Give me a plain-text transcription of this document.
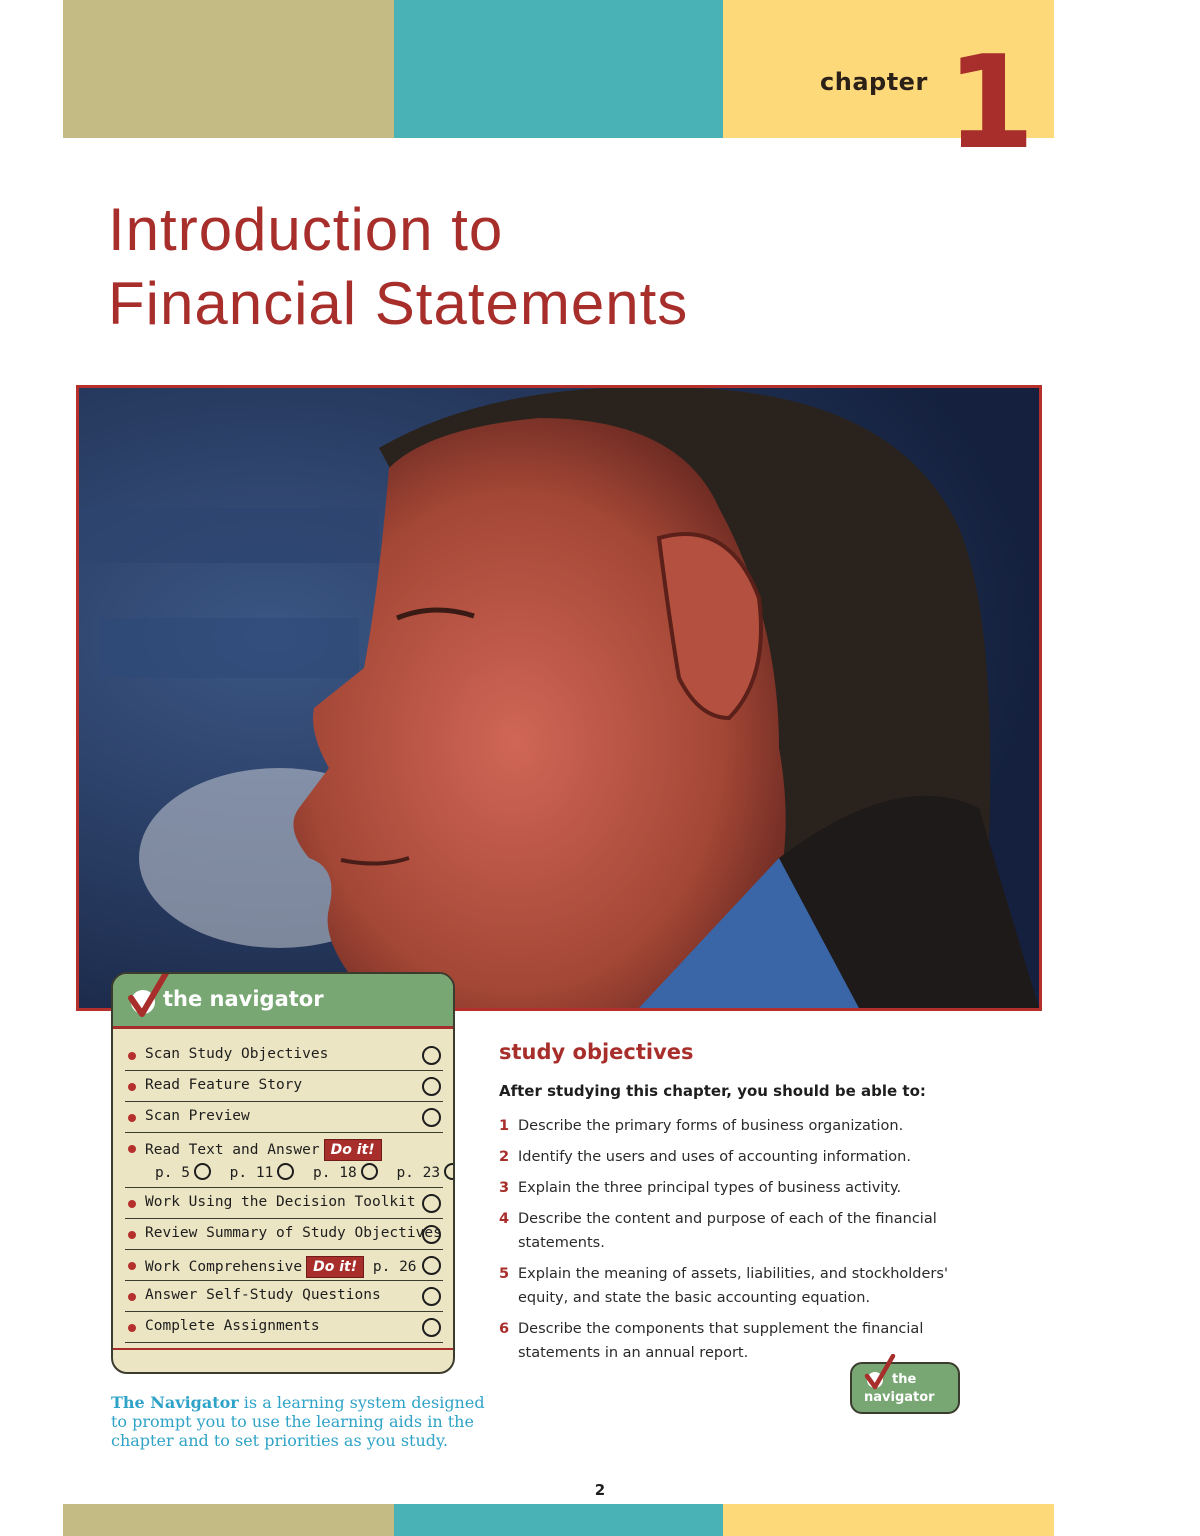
chapter 1
Introduction to
Financial Statements
the navigator
Scan Study Objectives
Read Feature Story
Scan Preview
Read Text and Answer Do it!
p. 5	p. 11	p. 18	p. 23
Work Using the Decision Toolkit
Review Summary of Study Objectives
Work Comprehensive Do it! p. 26
Answer Self-Study Questions
Complete Assignments
The Navigator is a learning system designed to prompt you to use the learning aids in the chapter and to set priorities as you study.
study objectives
After studying this chapter, you should be able to:
1 Describe the primary forms of business organization.
2 Identify the users and uses of accounting information.
3 Explain the three principal types of business activity.
4 Describe the content and purpose of each of the financial statements.
5 Explain the meaning of assets, liabilities, and stockholders' equity, and state the basic accounting equation.
6 Describe the components that supplement the financial statements in an annual report.
the
navigator
2
